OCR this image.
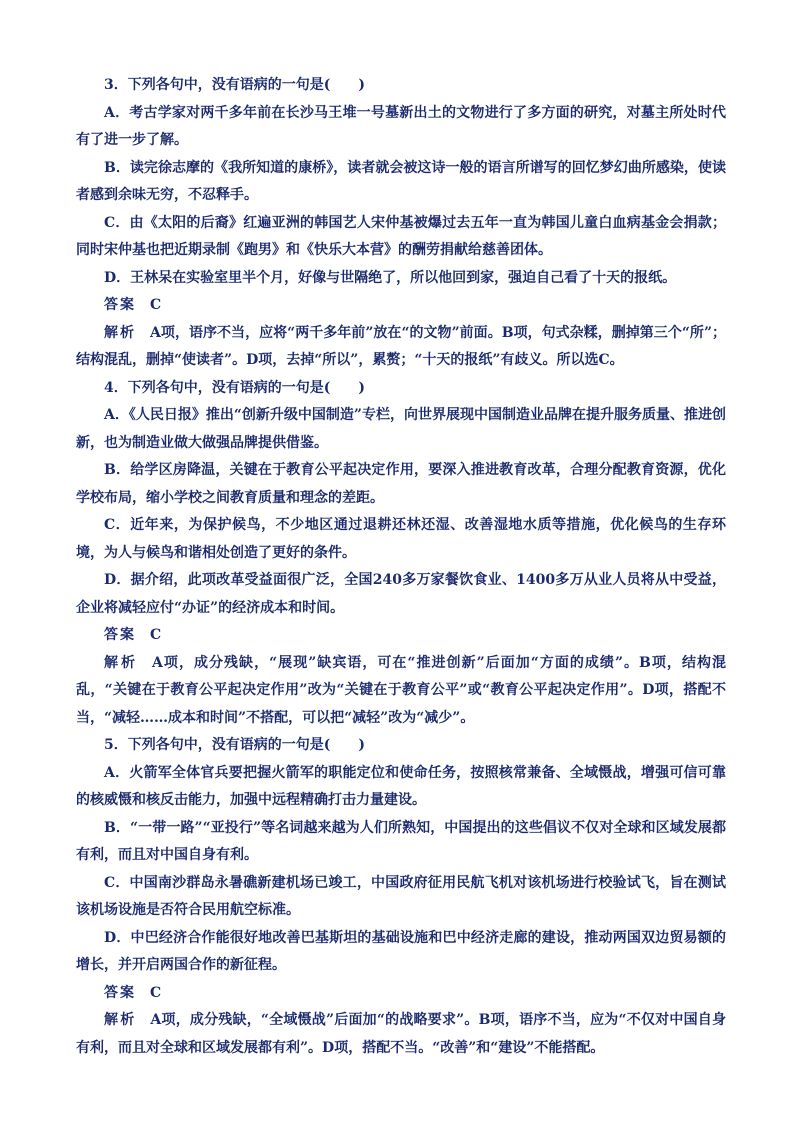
3．下列各句中，没有语病的一句是(　　)

A．考古学家对两千多年前在长沙马王堆一号墓新出土的文物进行了多方面的研究，对墓主所处时代有了进一步了解。

B．读完徐志摩的《我所知道的康桥》，读者就会被这诗一般的语言所谱写的回忆梦幻曲所感染，使读者感到余味无穷，不忍释手。

C．由《太阳的后裔》红遍亚洲的韩国艺人宋仲基被爆过去五年一直为韩国儿童白血病基金会捐款；同时宋仲基也把近期录制《跑男》和《快乐大本营》的酬劳捐献给慈善团体。

D．王林呆在实验室里半个月，好像与世隔绝了，所以他回到家，强迫自己看了十天的报纸。

答案 C

解析 A项，语序不当，应将“两千多年前”放在“的文物”前面。B项，句式杂糅，删掉第三个“所”；结构混乱，删掉“使读者”。D项，去掉“所以”，累赘；“十天的报纸”有歧义。所以选C。

4．下列各句中，没有语病的一句是(　　)

A．《人民日报》推出“创新升级中国制造”专栏，向世界展现中国制造业品牌在提升服务质量、推进创新，也为制造业做大做强品牌提供借鉴。

B．给学区房降温，关键在于教育公平起决定作用，要深入推进教育改革，合理分配教育资源，优化学校布局，缩小学校之间教育质量和理念的差距。

C．近年来，为保护候鸟，不少地区通过退耕还林还湿、改善湿地水质等措施，优化候鸟的生存环境，为人与候鸟和谐相处创造了更好的条件。

D．据介绍，此项改革受益面很广泛，全国240多万家餐饮食业、1400多万从业人员将从中受益，企业将减轻应付“办证”的经济成本和时间。

答案 C

解析 A项，成分残缺，“展现”缺宾语，可在“推进创新”后面加“方面的成绩”。B项，结构混乱，“关键在于教育公平起决定作用”改为“关键在于教育公平”或“教育公平起决定作用”。D项，搭配不当，“减轻……成本和时间”不搭配，可以把“减轻”改为“减少”。

5．下列各句中，没有语病的一句是(　　)

A．火箭军全体官兵要把握火箭军的职能定位和使命任务，按照核常兼备、全域慑战，增强可信可靠的核威慑和核反击能力，加强中远程精确打击力量建设。

B．“一带一路”“亚投行”等名词越来越为人们所熟知，中国提出的这些倡议不仅对全球和区域发展都有利，而且对中国自身有利。

C．中国南沙群岛永暑礁新建机场已竣工，中国政府征用民航飞机对该机场进行校验试飞，旨在测试该机场设施是否符合民用航空标准。

D．中巴经济合作能很好地改善巴基斯坦的基础设施和巴中经济走廊的建设，推动两国双边贸易额的增长，并开启两国合作的新征程。

答案 C

解析 A项，成分残缺，“全域慑战”后面加“的战略要求”。B项，语序不当，应为“不仅对中国自身有利，而且对全球和区域发展都有利”。D项，搭配不当。“改善”和“建设”不能搭配。
